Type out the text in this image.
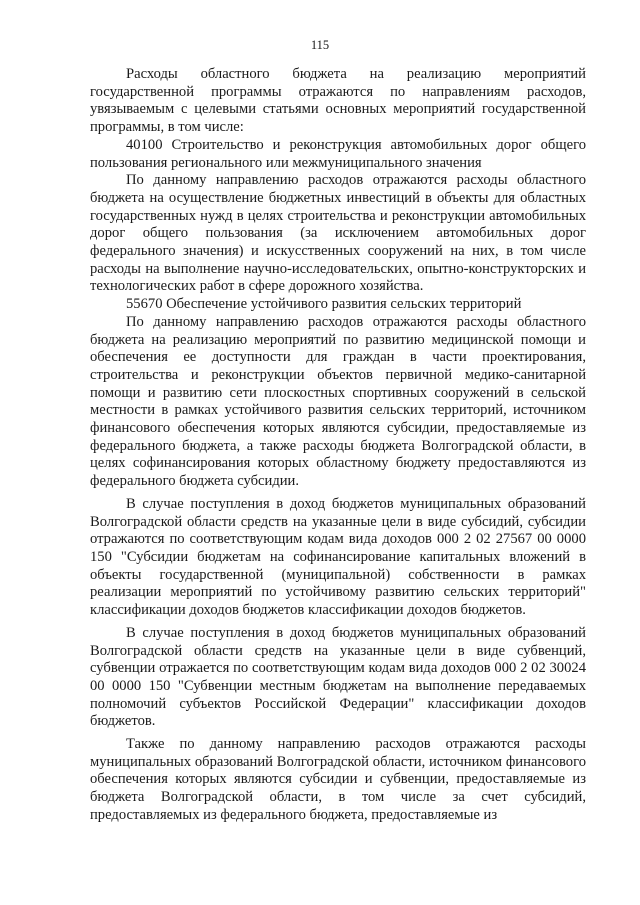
115

Расходы областного бюджета на реализацию мероприятий государственной программы отражаются по направлениям расходов, увязываемым с целевыми статьями основных мероприятий государственной программы, в том числе:

40100 Строительство и реконструкция автомобильных дорог общего пользования регионального или межмуниципального значения

По данному направлению расходов отражаются расходы областного бюджета на осуществление бюджетных инвестиций в объекты для областных государственных нужд в целях строительства и реконструкции автомобильных дорог общего пользования (за исключением автомобильных дорог федерального значения) и искусственных сооружений на них, в том числе расходы на выполнение научно-исследовательских, опытно-конструкторских и технологических работ в сфере дорожного хозяйства.

55670 Обеспечение устойчивого развития сельских территорий

По данному направлению расходов отражаются расходы областного бюджета на реализацию мероприятий по развитию медицинской помощи и обеспечения ее доступности для граждан в части проектирования, строительства и реконструкции объектов первичной медико-санитарной помощи и развитию сети плоскостных спортивных сооружений в сельской местности в рамках устойчивого развития сельских территорий, источником финансового обеспечения которых являются субсидии, предоставляемые из федерального бюджета, а также расходы бюджета Волгоградской области, в целях софинансирования которых областному бюджету предоставляются из федерального бюджета субсидии.

В случае поступления в доход бюджетов муниципальных образований Волгоградской области средств на указанные цели в виде субсидий, субсидии отражаются по соответствующим кодам вида доходов 000 2 02 27567 00 0000 150 "Субсидии бюджетам на софинансирование капитальных вложений в объекты государственной (муниципальной) собственности в рамках реализации мероприятий по устойчивому развитию сельских территорий" классификации доходов бюджетов классификации доходов бюджетов.

В случае поступления в доход бюджетов муниципальных образований Волгоградской области средств на указанные цели в виде субвенций, субвенции отражается по соответствующим кодам вида доходов 000 2 02 30024 00 0000 150 "Субвенции местным бюджетам на выполнение передаваемых полномочий субъектов Российской Федерации" классификации доходов бюджетов.

Также по данному направлению расходов отражаются расходы муниципальных образований Волгоградской области, источником финансового обеспечения которых являются субсидии и субвенции, предоставляемые из бюджета Волгоградской области, в том числе за счет субсидий, предоставляемых из федерального бюджета, предоставляемые из
